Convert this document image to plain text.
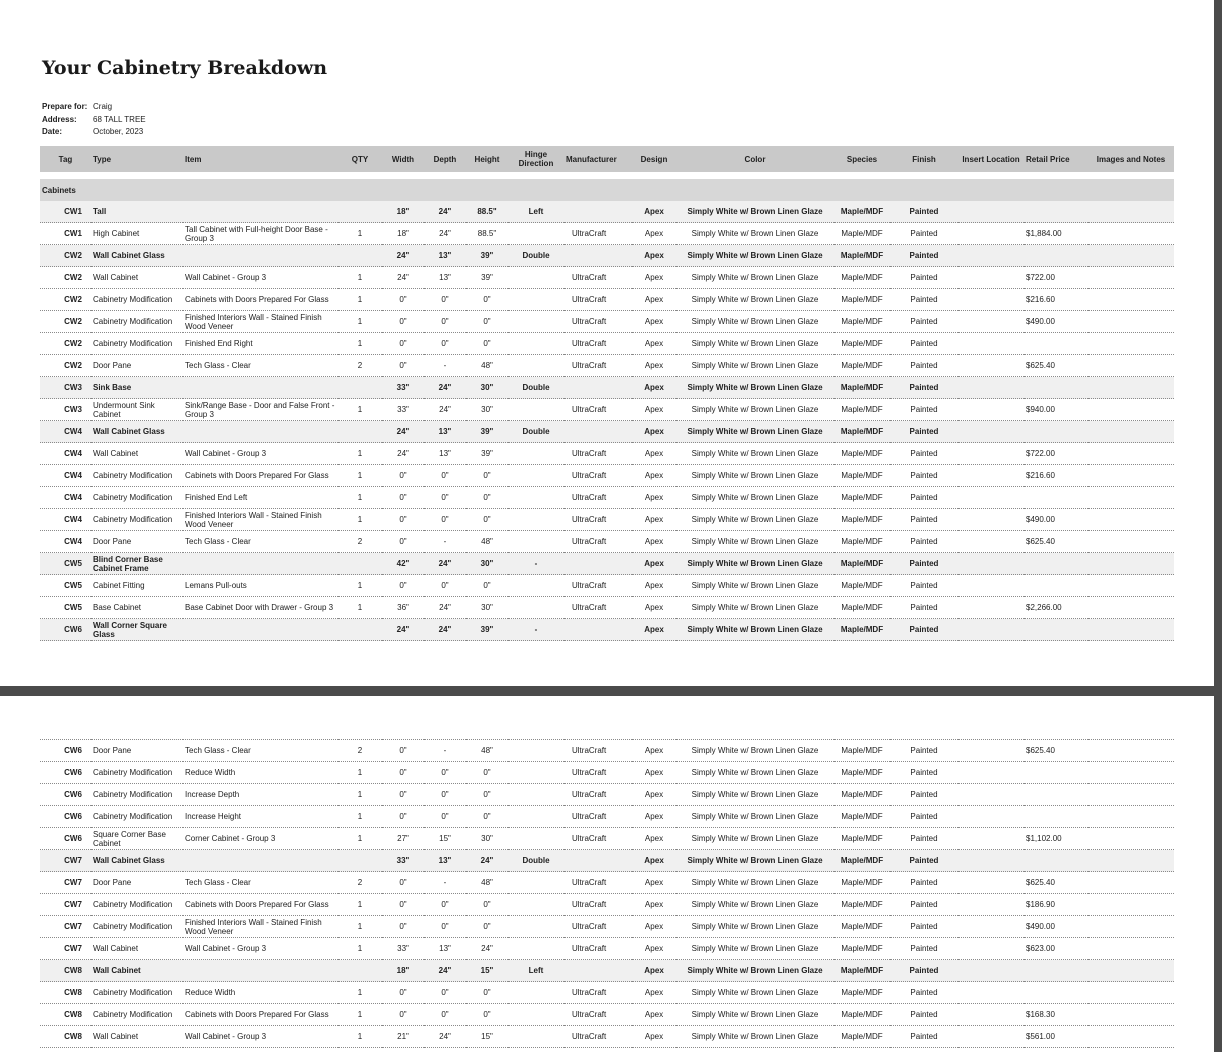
Your Cabinetry Breakdown
Prepare for: Craig
Address:	68 TALL TREE
Date:	October, 2023
Tag	Type	Item	QTY	Width	Depth	Height	Hinge Direction	Manufacturer	Design	Color	Species	Finish	Insert Location	Retail Price	Images and Notes

Cabinets															
CW1	Tall			18"	24"	88.5"	Left		Apex	Simply White w/ Brown Linen Glaze	Maple/MDF	Painted			
CW1	High Cabinet	Tall Cabinet with Full-height Door Base - Group 3	1	18"	24"	88.5"		UltraCraft	Apex	Simply White w/ Brown Linen Glaze	Maple/MDF	Painted		$1,884.00	
CW2	Wall Cabinet Glass			24"	13"	39"	Double		Apex	Simply White w/ Brown Linen Glaze	Maple/MDF	Painted			
CW2	Wall Cabinet	Wall Cabinet - Group 3	1	24"	13"	39"		UltraCraft	Apex	Simply White w/ Brown Linen Glaze	Maple/MDF	Painted		$722.00	
CW2	Cabinetry Modification	Cabinets with Doors Prepared For Glass	1	0"	0"	0"		UltraCraft	Apex	Simply White w/ Brown Linen Glaze	Maple/MDF	Painted		$216.60	
CW2	Cabinetry Modification	Finished Interiors Wall - Stained Finish Wood Veneer	1	0"	0"	0"		UltraCraft	Apex	Simply White w/ Brown Linen Glaze	Maple/MDF	Painted		$490.00	
CW2	Cabinetry Modification	Finished End Right	1	0"	0"	0"		UltraCraft	Apex	Simply White w/ Brown Linen Glaze	Maple/MDF	Painted			
CW2	Door Pane	Tech Glass - Clear	2	0"	-	48"		UltraCraft	Apex	Simply White w/ Brown Linen Glaze	Maple/MDF	Painted		$625.40	
CW3	Sink Base			33"	24"	30"	Double		Apex	Simply White w/ Brown Linen Glaze	Maple/MDF	Painted			
CW3	Undermount Sink Cabinet	Sink/Range Base - Door and False Front - Group 3	1	33"	24"	30"		UltraCraft	Apex	Simply White w/ Brown Linen Glaze	Maple/MDF	Painted		$940.00	
CW4	Wall Cabinet Glass			24"	13"	39"	Double		Apex	Simply White w/ Brown Linen Glaze	Maple/MDF	Painted			
CW4	Wall Cabinet	Wall Cabinet - Group 3	1	24"	13"	39"		UltraCraft	Apex	Simply White w/ Brown Linen Glaze	Maple/MDF	Painted		$722.00	
CW4	Cabinetry Modification	Cabinets with Doors Prepared For Glass	1	0"	0"	0"		UltraCraft	Apex	Simply White w/ Brown Linen Glaze	Maple/MDF	Painted		$216.60	
CW4	Cabinetry Modification	Finished End Left	1	0"	0"	0"		UltraCraft	Apex	Simply White w/ Brown Linen Glaze	Maple/MDF	Painted			
CW4	Cabinetry Modification	Finished Interiors Wall - Stained Finish Wood Veneer	1	0"	0"	0"		UltraCraft	Apex	Simply White w/ Brown Linen Glaze	Maple/MDF	Painted		$490.00	
CW4	Door Pane	Tech Glass - Clear	2	0"	-	48"		UltraCraft	Apex	Simply White w/ Brown Linen Glaze	Maple/MDF	Painted		$625.40	
CW5	Blind Corner Base Cabinet Frame			42"	24"	30"	-		Apex	Simply White w/ Brown Linen Glaze	Maple/MDF	Painted			
CW5	Cabinet Fitting	Lemans Pull-outs	1	0"	0"	0"		UltraCraft	Apex	Simply White w/ Brown Linen Glaze	Maple/MDF	Painted			
CW5	Base Cabinet	Base Cabinet Door with Drawer - Group 3	1	36"	24"	30"		UltraCraft	Apex	Simply White w/ Brown Linen Glaze	Maple/MDF	Painted		$2,266.00	
CW6	Wall Corner Square Glass			24"	24"	39"	-		Apex	Simply White w/ Brown Linen Glaze	Maple/MDF	Painted			
CW6	Door Pane	Tech Glass - Clear	2	0"	-	48"		UltraCraft	Apex	Simply White w/ Brown Linen Glaze	Maple/MDF	Painted		$625.40	
CW6	Cabinetry Modification	Reduce Width	1	0"	0"	0"		UltraCraft	Apex	Simply White w/ Brown Linen Glaze	Maple/MDF	Painted			
CW6	Cabinetry Modification	Increase Depth	1	0"	0"	0"		UltraCraft	Apex	Simply White w/ Brown Linen Glaze	Maple/MDF	Painted			
CW6	Cabinetry Modification	Increase Height	1	0"	0"	0"		UltraCraft	Apex	Simply White w/ Brown Linen Glaze	Maple/MDF	Painted			
CW6	Square Corner Base Cabinet	Corner Cabinet - Group 3	1	27"	15"	30"		UltraCraft	Apex	Simply White w/ Brown Linen Glaze	Maple/MDF	Painted		$1,102.00	
CW7	Wall Cabinet Glass			33"	13"	24"	Double		Apex	Simply White w/ Brown Linen Glaze	Maple/MDF	Painted			
CW7	Door Pane	Tech Glass - Clear	2	0"	-	48"		UltraCraft	Apex	Simply White w/ Brown Linen Glaze	Maple/MDF	Painted		$625.40	
CW7	Cabinetry Modification	Cabinets with Doors Prepared For Glass	1	0"	0"	0"		UltraCraft	Apex	Simply White w/ Brown Linen Glaze	Maple/MDF	Painted		$186.90	
CW7	Cabinetry Modification	Finished Interiors Wall - Stained Finish Wood Veneer	1	0"	0"	0"		UltraCraft	Apex	Simply White w/ Brown Linen Glaze	Maple/MDF	Painted		$490.00	
CW7	Wall Cabinet	Wall Cabinet - Group 3	1	33"	13"	24"		UltraCraft	Apex	Simply White w/ Brown Linen Glaze	Maple/MDF	Painted		$623.00	
CW8	Wall Cabinet			18"	24"	15"	Left		Apex	Simply White w/ Brown Linen Glaze	Maple/MDF	Painted			
CW8	Cabinetry Modification	Reduce Width	1	0"	0"	0"		UltraCraft	Apex	Simply White w/ Brown Linen Glaze	Maple/MDF	Painted			
CW8	Cabinetry Modification	Cabinets with Doors Prepared For Glass	1	0"	0"	0"		UltraCraft	Apex	Simply White w/ Brown Linen Glaze	Maple/MDF	Painted		$168.30	
CW8	Wall Cabinet	Wall Cabinet - Group 3	1	21"	24"	15"		UltraCraft	Apex	Simply White w/ Brown Linen Glaze	Maple/MDF	Painted		$561.00	
